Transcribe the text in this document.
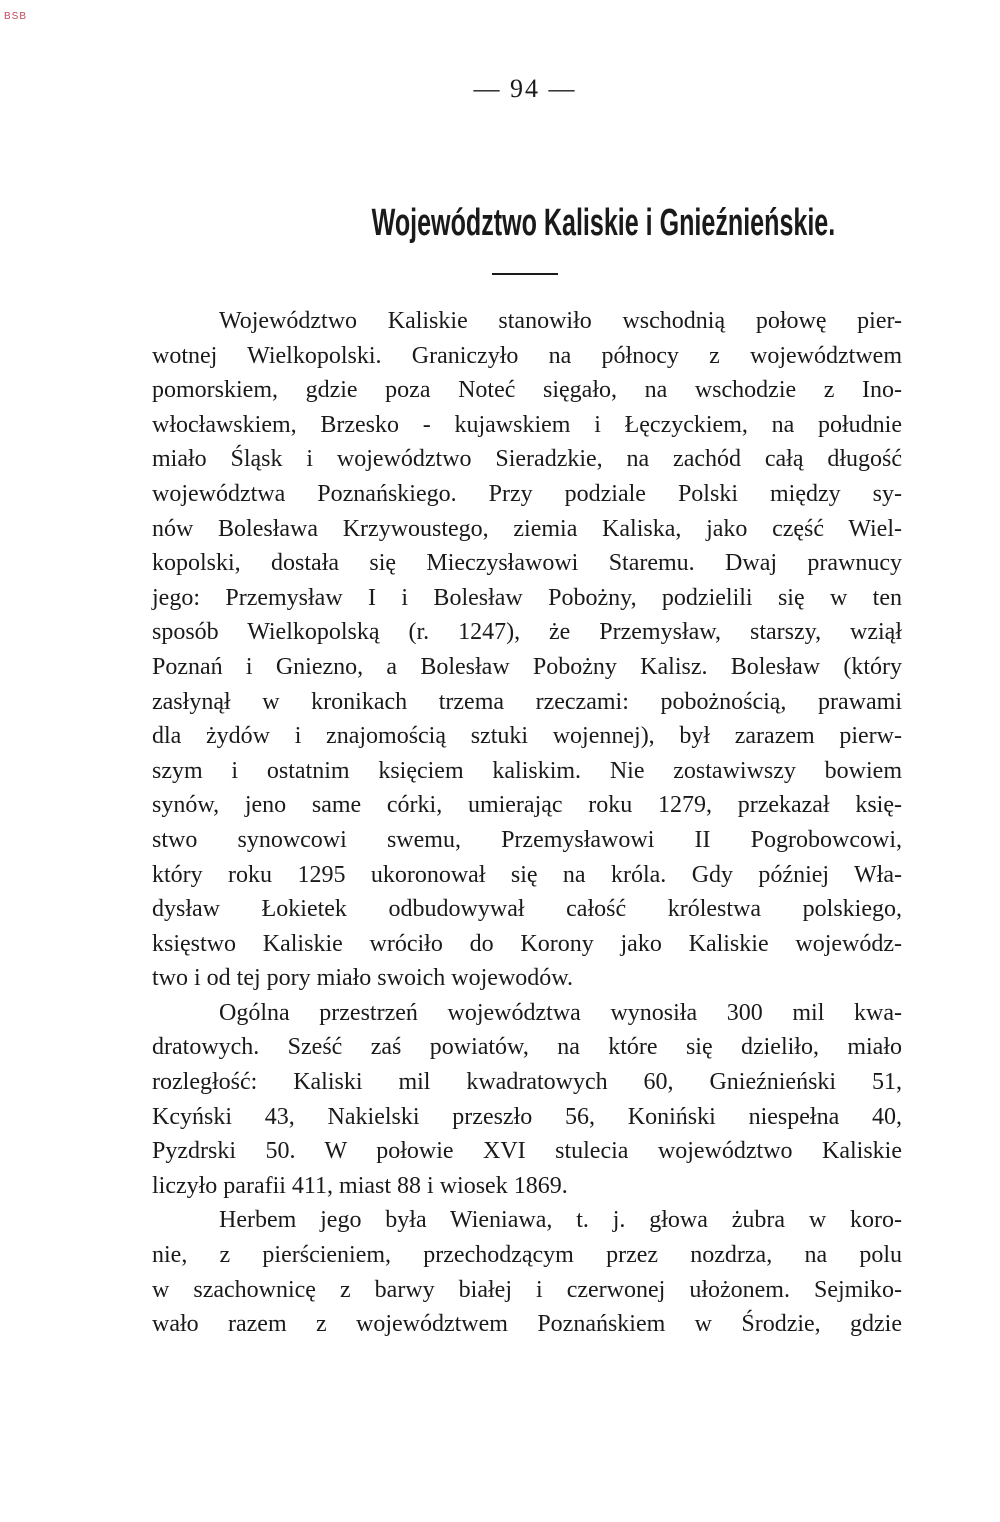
BSB
— 94 —
Województwo Kaliskie i Gnieźnieńskie.
Województwo Kaliskie stanowiło wschodnią połowę pier-
wotnej Wielkopolski. Graniczyło na północy z województwem
pomorskiem, gdzie poza Noteć sięgało, na wschodzie z Ino-
włocławskiem, Brzesko - kujawskiem i Łęczyckiem, na południe
miało Śląsk i województwo Sieradzkie, na zachód całą długość
województwa Poznańskiego. Przy podziale Polski między sy-
nów Bolesława Krzywoustego, ziemia Kaliska, jako część Wiel-
kopolski, dostała się Mieczysławowi Staremu. Dwaj prawnucy
jego: Przemysław I i Bolesław Pobożny, podzielili się w ten
sposób Wielkopolską (r. 1247), że Przemysław, starszy, wziął
Poznań i Gniezno, a Bolesław Pobożny Kalisz. Bolesław (który
zasłynął w kronikach trzema rzeczami: pobożnością, prawami
dla żydów i znajomością sztuki wojennej), był zarazem pierw-
szym i ostatnim księciem kaliskim. Nie zostawiwszy bowiem
synów, jeno same córki, umierając roku 1279, przekazał księ-
stwo synowcowi swemu, Przemysławowi II Pogrobowcowi,
który roku 1295 ukoronował się na króla. Gdy później Wła-
dysław Łokietek odbudowywał całość królestwa polskiego,
księstwo Kaliskie wróciło do Korony jako Kaliskie wojewódz-
two i od tej pory miało swoich wojewodów.
Ogólna przestrzeń województwa wynosiła 300 mil kwa-
dratowych. Sześć zaś powiatów, na które się dzieliło, miało
rozległość: Kaliski mil kwadratowych 60, Gnieźnieński 51,
Kcyński 43, Nakielski przeszło 56, Koniński niespełna 40,
Pyzdrski 50. W połowie XVI stulecia województwo Kaliskie
liczyło parafii 411, miast 88 i wiosek 1869.
Herbem jego była Wieniawa, t. j. głowa żubra w koro-
nie, z pierścieniem, przechodzącym przez nozdrza, na polu
w szachownicę z barwy białej i czerwonej ułożonem. Sejmiko-
wało razem z województwem Poznańskiem w Środzie, gdzie
